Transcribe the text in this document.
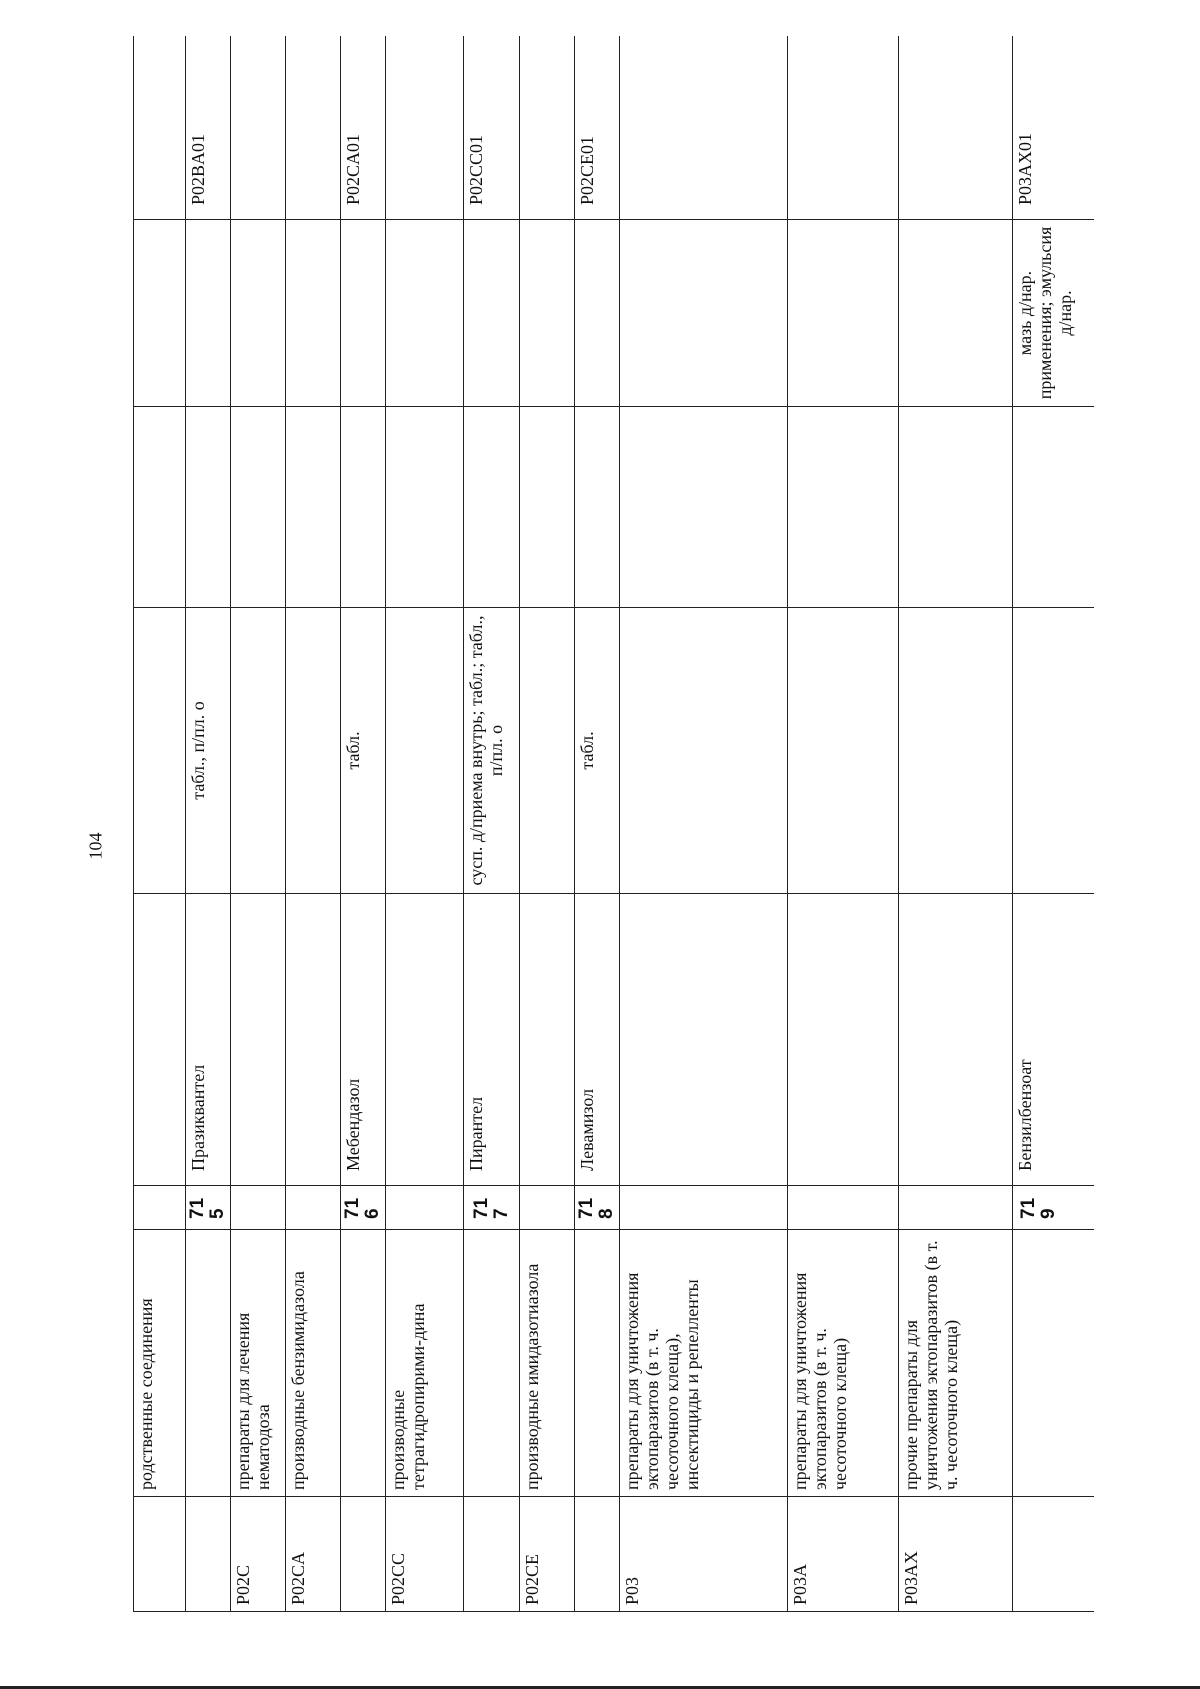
104
	родственные соединения						
		715	Празиквантел	табл., п/пл. о			P02BA01
P02C	препараты для лечения нематодоза						
P02CA	производные бензимидазола						
		716	Мебендазол	табл.			P02CA01
P02CC	производные тетрагидропирими-дина						
		717	Пирантел	сусп. д/приема внутрь; табл.; табл., п/пл. о			P02CC01
P02CE	производные имидазотиазола						
		718	Левамизол	табл.			P02CE01
P03	препараты для уничтожения эктопаразитов (в т. ч. чесоточного клеща), инсектициды и репелленты						
P03A	препараты для уничтожения эктопаразитов (в т. ч. чесоточного клеща)						
P03AX	прочие препараты для уничтожения эктопаразитов (в т. ч. чесоточного клеща)						
		719	Бензилбензоат			мазь д/нар. применения; эмульсия д/нар.	P03AX01
